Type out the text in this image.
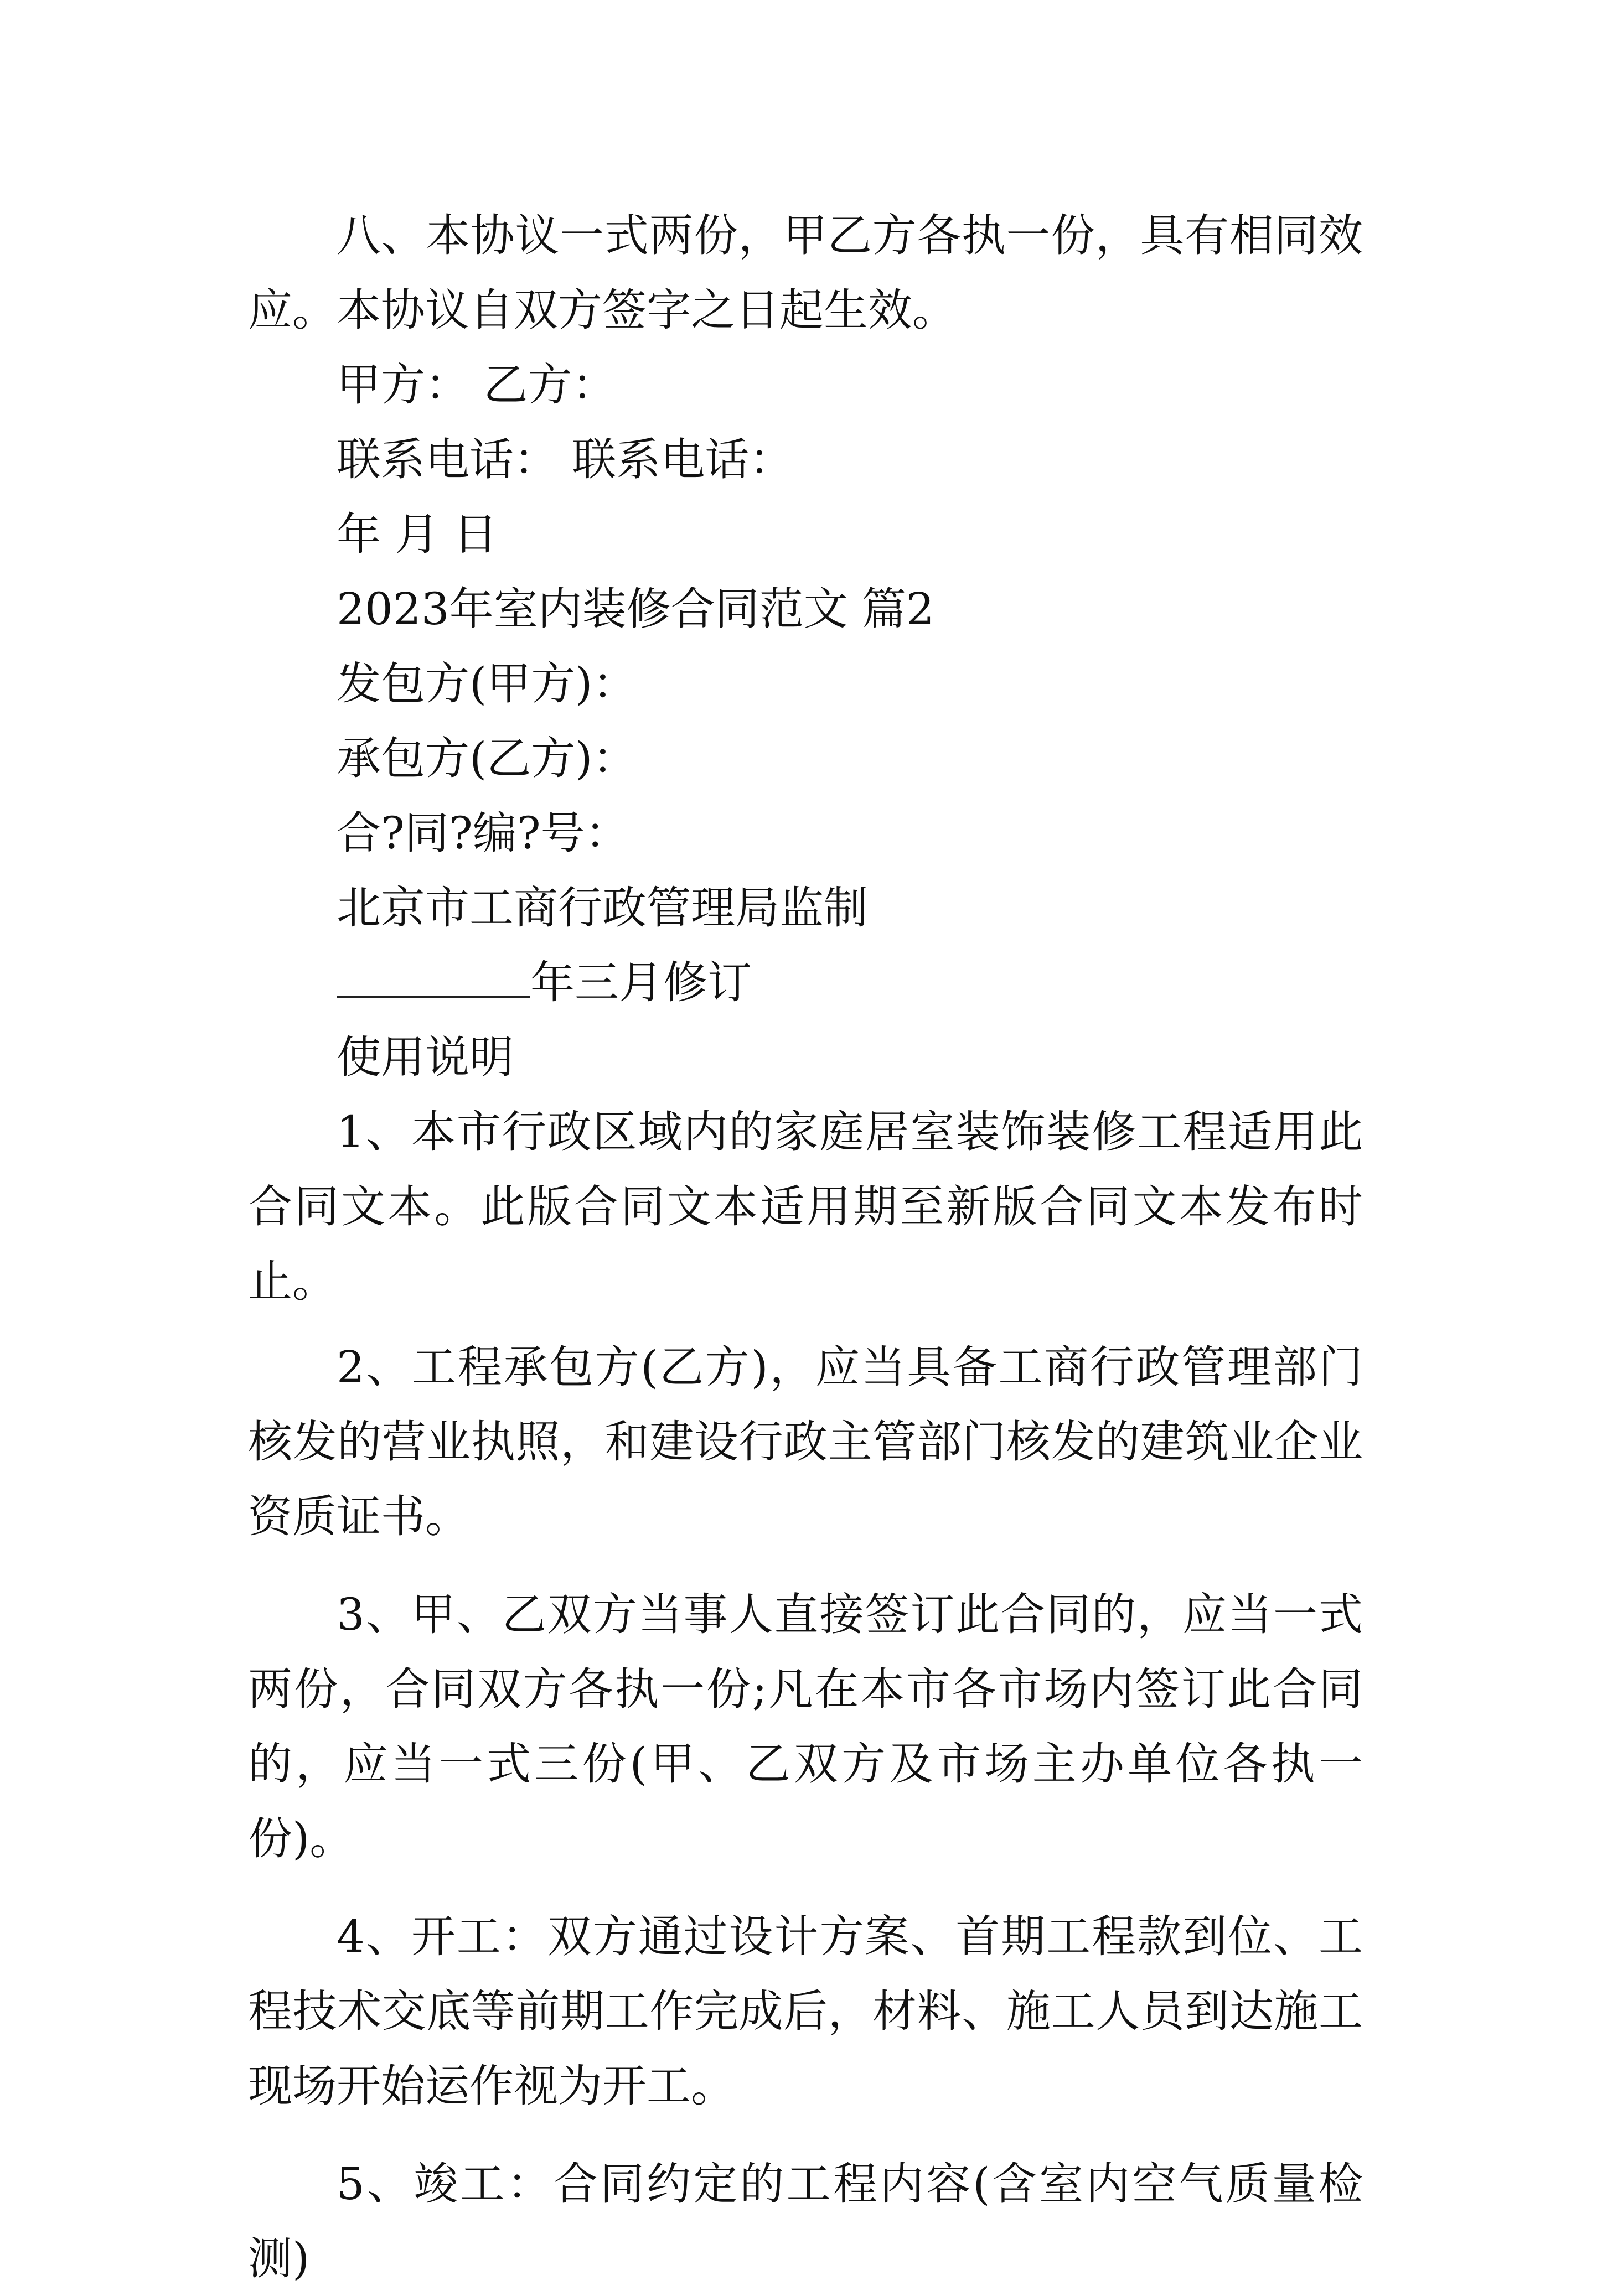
八、本协议一式两份，甲乙方各执一份，具有相同效应。本协议自双方签字之日起生效。

甲方： 乙方：

联系电话： 联系电话：

年 月 日

2023年室内装修合同范文 篇2

发包方(甲方)：

承包方(乙方)：

合?同?编?号：

北京市工商行政管理局监制

年三月修订

使用说明

1、本市行政区域内的家庭居室装饰装修工程适用此合同文本。此版合同文本适用期至新版合同文本发布时止。

2、工程承包方(乙方)，应当具备工商行政管理部门核发的营业执照，和建设行政主管部门核发的建筑业企业资质证书。

3、甲、乙双方当事人直接签订此合同的，应当一式两份，合同双方各执一份;凡在本市各市场内签订此合同的，应当一式三份(甲、乙双方及市场主办单位各执一份)。

4、开工：双方通过设计方案、首期工程款到位、工程技术交底等前期工作完成后，材料、施工人员到达施工现场开始运作视为开工。

5、竣工：合同约定的工程内容(含室内空气质量检测)
